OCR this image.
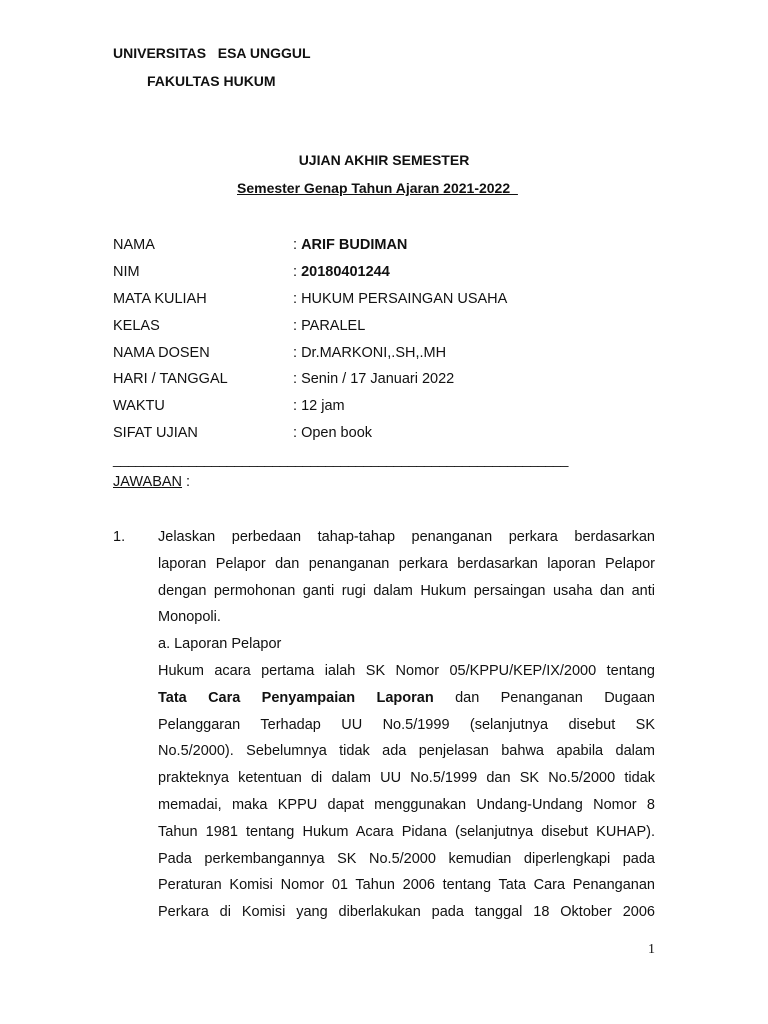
UNIVERSITAS   ESA UNGGUL
FAKULTAS HUKUM
UJIAN AKHIR SEMESTER
Semester Genap Tahun Ajaran 2021-2022
NAMA	: ARIF BUDIMAN
NIM	: 20180401244
MATA KULIAH	: HUKUM PERSAINGAN USAHA
KELAS	: PARALEL
NAMA DOSEN	: Dr.MARKONI,.SH,.MH
HARI / TANGGAL	: Senin / 17 Januari 2022
WAKTU	: 12 jam
SIFAT UJIAN	: Open book
____________________________________________________________
JAWABAN :
1. Jelaskan perbedaan tahap-tahap penanganan perkara berdasarkan
laporan Pelapor dan penanganan perkara berdasarkan laporan Pelapor
dengan permohonan ganti rugi dalam Hukum persaingan usaha dan anti
Monopoli.
a. Laporan Pelapor
Hukum acara pertama ialah SK Nomor 05/KPPU/KEP/IX/2000 tentang
Tata Cara Penyampaian Laporan dan Penanganan Dugaan
Pelanggaran Terhadap UU No.5/1999 (selanjutnya disebut SK
No.5/2000). Sebelumnya tidak ada penjelasan bahwa apabila dalam
prakteknya ketentuan di dalam UU No.5/1999 dan SK No.5/2000 tidak
memadai, maka KPPU dapat menggunakan Undang-Undang Nomor 8
Tahun 1981 tentang Hukum Acara Pidana (selanjutnya disebut KUHAP).
Pada perkembangannya SK No.5/2000 kemudian diperlengkapi pada
Peraturan Komisi Nomor 01 Tahun 2006 tentang Tata Cara Penanganan
Perkara di Komisi yang diberlakukan pada tanggal 18 Oktober 2006
1
